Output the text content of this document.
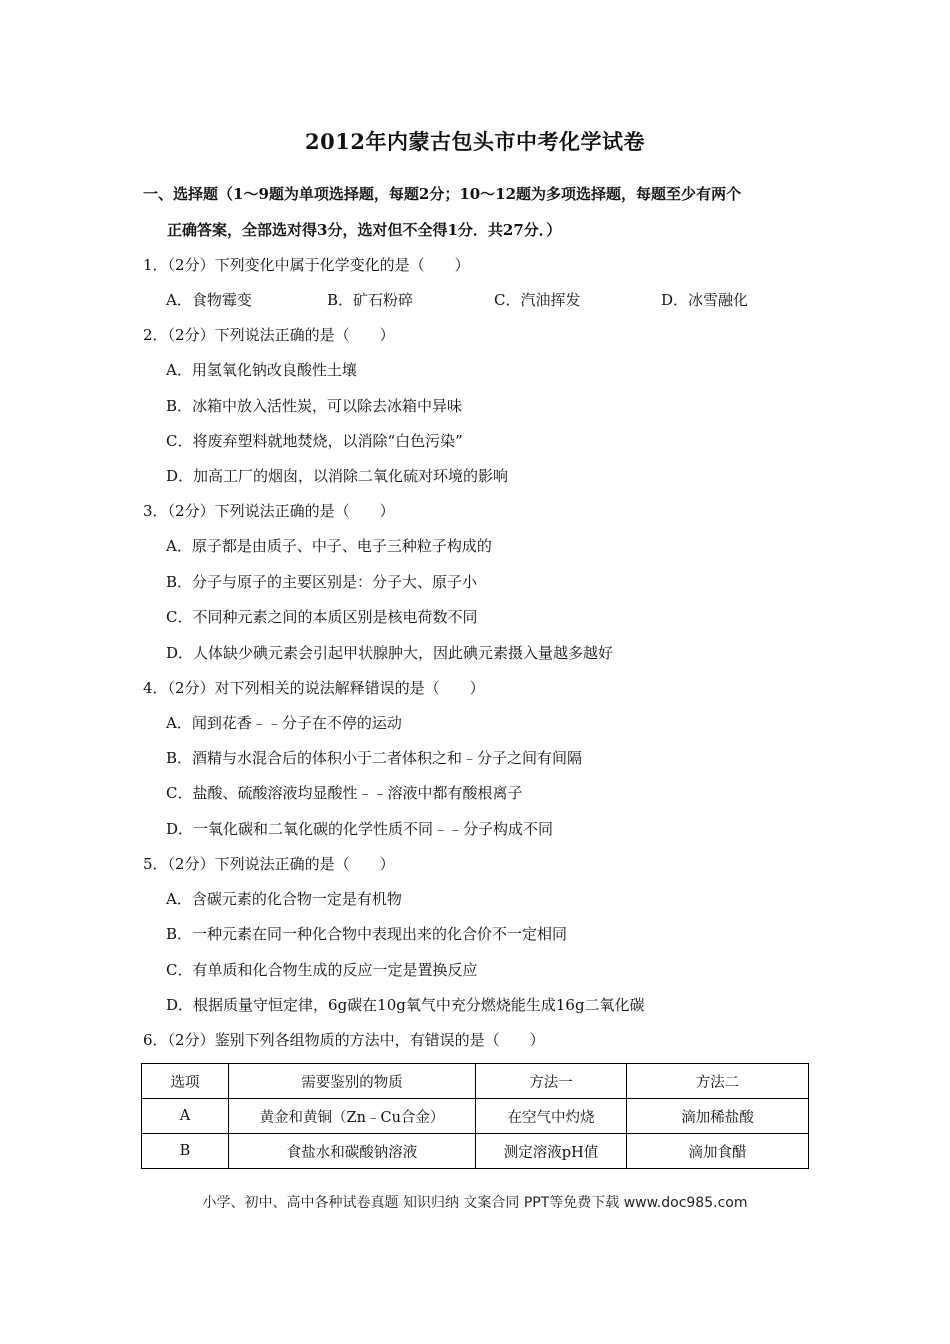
2012年内蒙古包头市中考化学试卷
一、选择题（1～9题为单项选择题，每题2分；10～12题为多项选择题，每题至少有两个
正确答案，全部选对得3分，选对但不全得1分．共27分．）
1．（2分）下列变化中属于化学变化的是（　　）
A．食物霉变	B．矿石粉碎	C．汽油挥发	D．冰雪融化
2．（2分）下列说法正确的是（　　）
A．用氢氧化钠改良酸性土壤
B．冰箱中放入活性炭，可以除去冰箱中异味
C．将废弃塑料就地焚烧，以消除“白色污染”
D．加高工厂的烟囱，以消除二氧化硫对环境的影响
3．（2分）下列说法正确的是（　　）
A．原子都是由质子、中子、电子三种粒子构成的
B．分子与原子的主要区别是：分子大、原子小
C．不同种元素之间的本质区别是核电荷数不同
D．人体缺少碘元素会引起甲状腺肿大，因此碘元素摄入量越多越好
4．（2分）对下列相关的说法解释错误的是（　　）
A．闻到花香﹣﹣分子在不停的运动
B．酒精与水混合后的体积小于二者体积之和﹣分子之间有间隔
C．盐酸、硫酸溶液均显酸性﹣﹣溶液中都有酸根离子
D．一氧化碳和二氧化碳的化学性质不同﹣﹣分子构成不同
5．（2分）下列说法正确的是（　　）
A．含碳元素的化合物一定是有机物
B．一种元素在同一种化合物中表现出来的化合价不一定相同
C．有单质和化合物生成的反应一定是置换反应
D．根据质量守恒定律，6g碳在10g氧气中充分燃烧能生成16g二氧化碳
6．（2分）鉴别下列各组物质的方法中，有错误的是（　　）
选项	需要鉴别的物质	方法一	方法二
A	黄金和黄铜（Zn﹣Cu合金）	在空气中灼烧	滴加稀盐酸
B	食盐水和碳酸钠溶液	测定溶液pH值	滴加食醋
小学、初中、高中各种试卷真题 知识归纳 文案合同 PPT等免费下载 www.doc985.com
